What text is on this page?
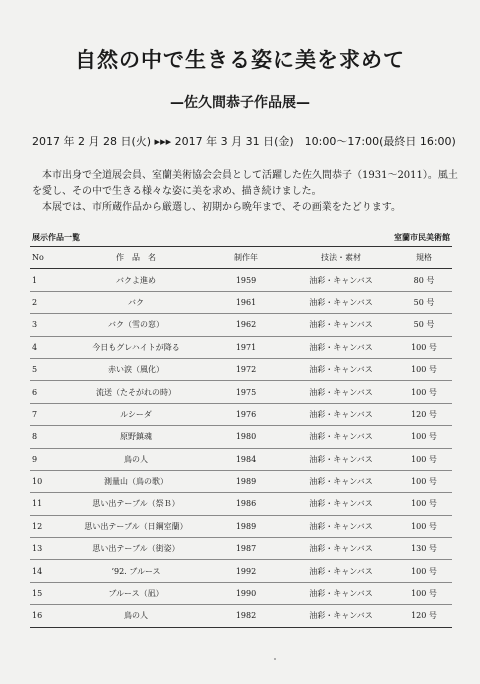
自然の中で生きる姿に美を求めて
—佐久間恭子作品展—
2017 年 2 月 28 日(火) ▸▸▸ 2017 年 3 月 31 日(金)　10:00～17:00(最終日 16:00)

本市出身で全道展会員、室蘭美術協会会員として活躍した佐久間恭子（1931～2011）。風土を愛し、その中で生きる様々な姿に美を求め、描き続けました。

本展では、市所蔵作品から厳選し、初期から晩年まで、その画業をたどります。

展示作品一覧	室蘭市民美術館
No	作　品　名	制作年	技法・素材	規格
1	バクよ進め	1959	油彩・キャンバス	80 号
2	バク	1961	油彩・キャンバス	50 号
3	バク（雪の窓）	1962	油彩・キャンバス	50 号
4	今日もグレハイトが降る	1971	油彩・キャンバス	100 号
5	赤い涙（風化）	1972	油彩・キャンバス	100 号
6	流送（たそがれの時）	1975	油彩・キャンバス	100 号
7	ルシーダ	1976	油彩・キャンバス	120 号
8	原野鎮魂	1980	油彩・キャンバス	100 号
9	鳥の人	1984	油彩・キャンバス	100 号
10	測量山（鳥の歌）	1989	油彩・キャンバス	100 号
11	思い出テーブル（祭Ｂ）	1986	油彩・キャンバス	100 号
12	思い出テーブル（日鋼室蘭）	1989	油彩・キャンバス	100 号
13	思い出テーブル（街姿）	1987	油彩・キャンバス	130 号
14	’92. ブルース	1992	油彩・キャンバス	100 号
15	ブルース（凪）	1990	油彩・キャンバス	100 号
16	鳥の人	1982	油彩・キャンバス	120 号
